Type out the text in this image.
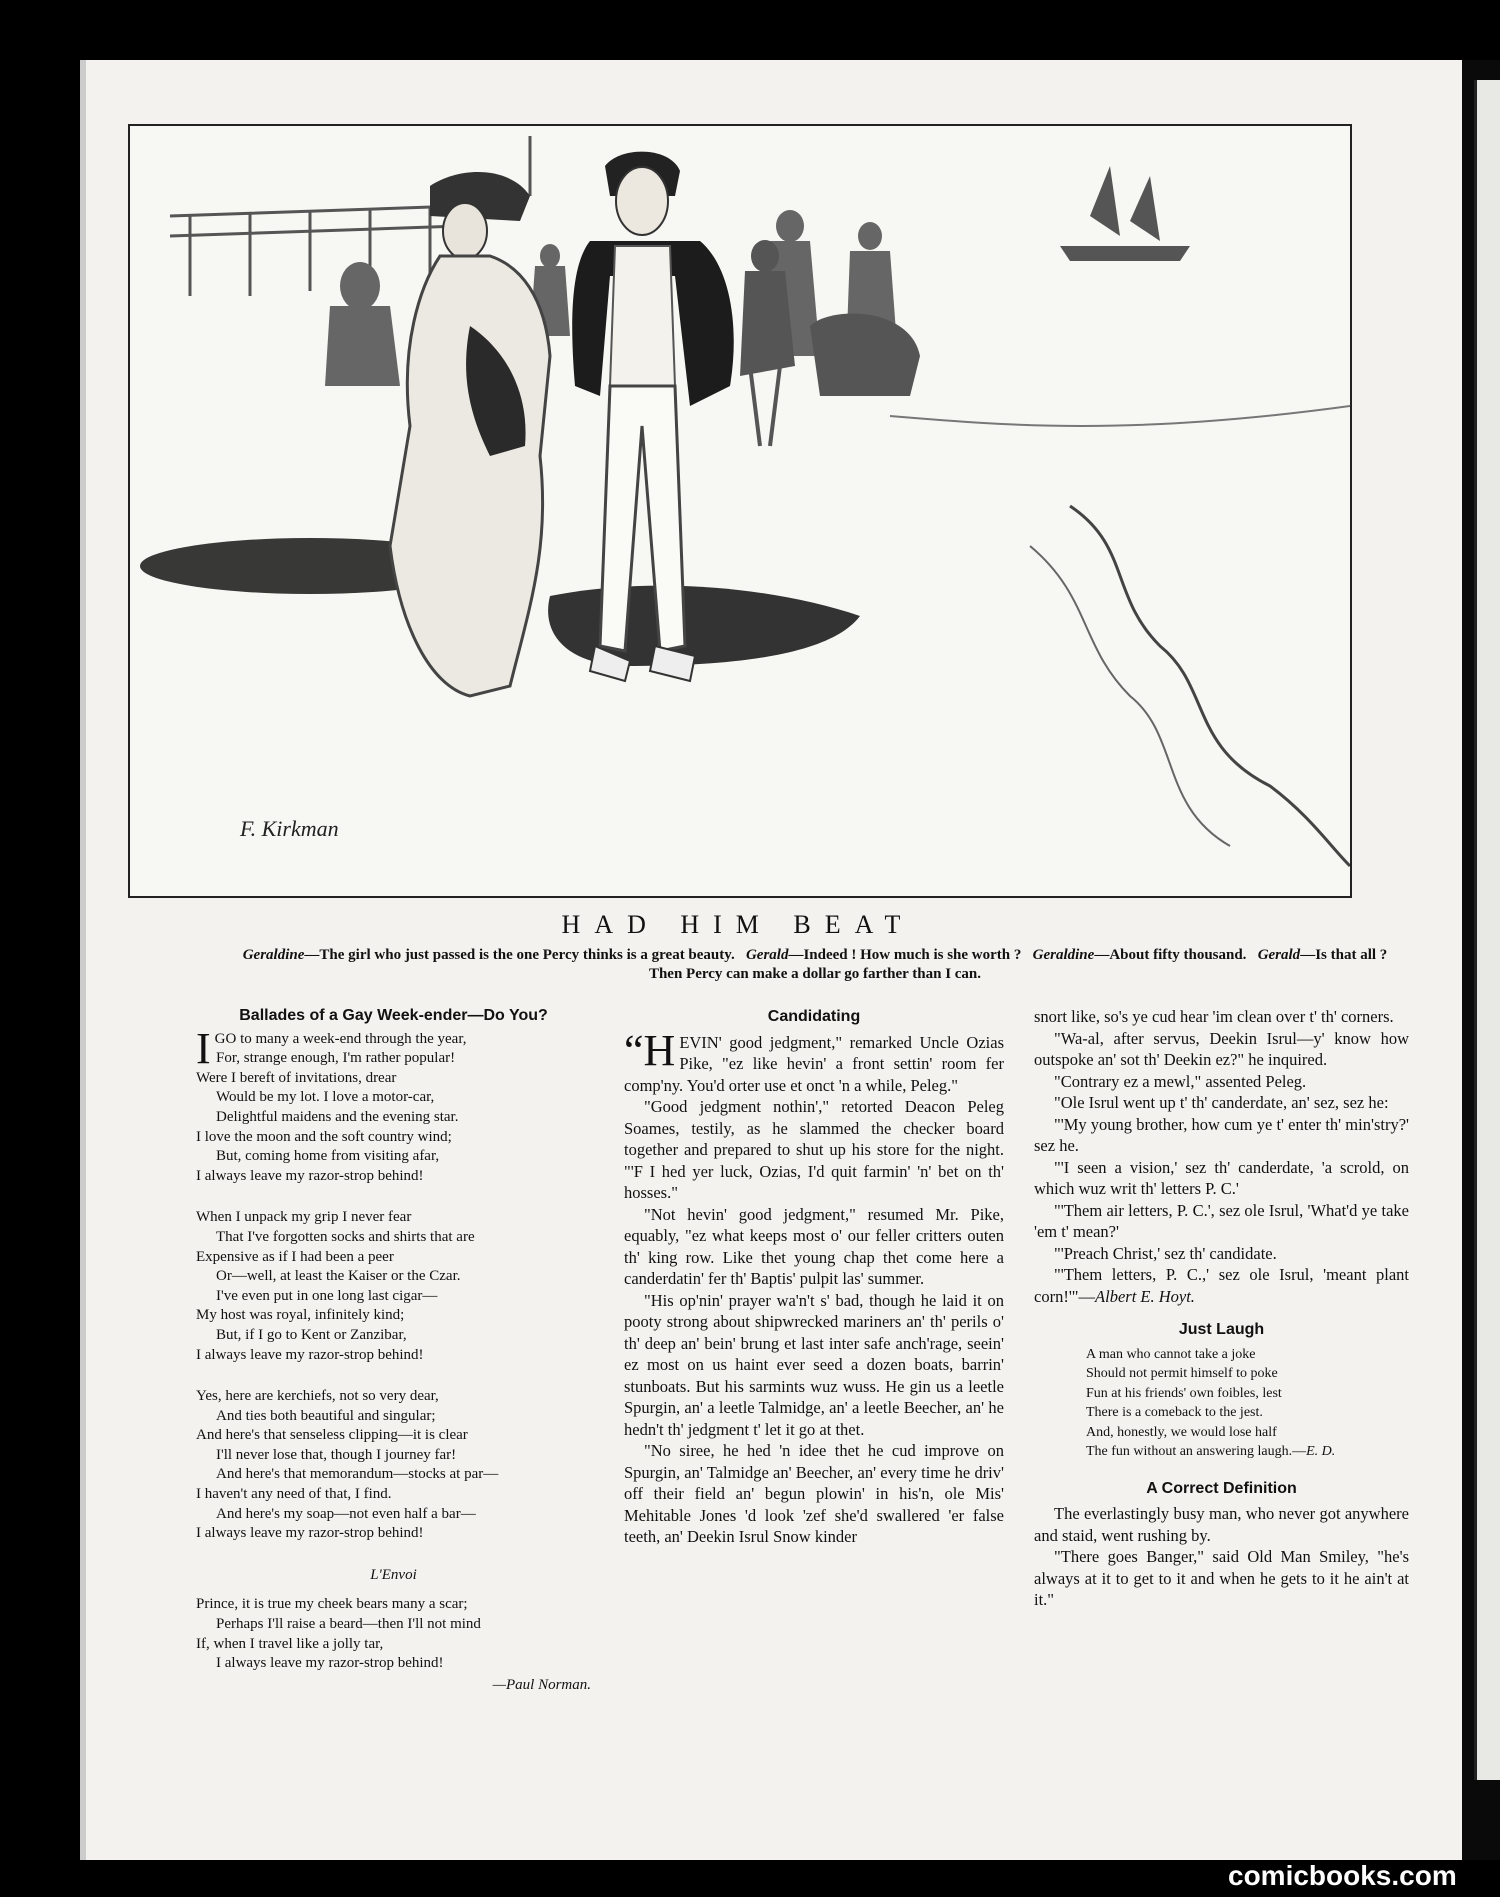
F. Kirkman
HAD HIM BEAT
Geraldine—The girl who just passed is the one Percy thinks is a great beauty. Gerald—Indeed ! How much is she worth ? Geraldine—About fifty thousand. Gerald—Is that all ? Then Percy can make a dollar go farther than I can.
Ballades of a Gay Week-ender—Do You?
I GO to many a week-end through the year,
For, strange enough, I'm rather popular!
Were I bereft of invitations, drear
Would be my lot. I love a motor-car,
Delightful maidens and the evening star.
I love the moon and the soft country wind;
But, coming home from visiting afar,
I always leave my razor-strop behind!
When I unpack my grip I never fear
That I've forgotten socks and shirts that are
Expensive as if I had been a peer
Or—well, at least the Kaiser or the Czar.
I've even put in one long last cigar—
My host was royal, infinitely kind;
But, if I go to Kent or Zanzibar,
I always leave my razor-strop behind!
Yes, here are kerchiefs, not so very dear,
And ties both beautiful and singular;
And here's that senseless clipping—it is clear
I'll never lose that, though I journey far!
And here's that memorandum—stocks at par—
I haven't any need of that, I find.
And here's my soap—not even half a bar—
I always leave my razor-strop behind!
L'Envoi
Prince, it is true my cheek bears many a scar;
Perhaps I'll raise a beard—then I'll not mind
If, when I travel like a jolly tar,
I always leave my razor-strop behind!
—Paul Norman.
Candidating

“HEVIN' good jedgment," remarked Uncle Ozias Pike, "ez like hevin' a front settin' room fer comp'ny. You'd orter use et onct 'n a while, Peleg."

"Good jedgment nothin'," retorted Deacon Peleg Soames, testily, as he slammed the checker board together and prepared to shut up his store for the night. "'F I hed yer luck, Ozias, I'd quit farmin' 'n' bet on th' hosses."

"Not hevin' good jedgment," resumed Mr. Pike, equably, "ez what keeps most o' our feller critters outen th' king row. Like thet young chap thet come here a canderdatin' fer th' Baptis' pulpit las' summer.

"His op'nin' prayer wa'n't s' bad, though he laid it on pooty strong about shipwrecked mariners an' th' perils o' th' deep an' bein' brung et last inter safe anch'rage, seein' ez most on us haint ever seed a dozen boats, barrin' stunboats. But his sarmints wuz wuss. He gin us a leetle Spurgin, an' a leetle Talmidge, an' a leetle Beecher, an' he hedn't th' jedgment t' let it go at thet.

"No siree, he hed 'n idee thet he cud improve on Spurgin, an' Talmidge an' Beecher, an' every time he driv' off their field an' begun plowin' in his'n, ole Mis' Mehitable Jones 'd look 'zef she'd swallered 'er false teeth, an' Deekin Isrul Snow kinder

snort like, so's ye cud hear 'im clean over t' th' corners.

"Wa-al, after servus, Deekin Isrul—y' know how outspoke an' sot th' Deekin ez?" he inquired.

"Contrary ez a mewl," assented Peleg.

"Ole Isrul went up t' th' canderdate, an' sez, sez he:

"'My young brother, how cum ye t' enter th' min'stry?' sez he.

"'I seen a vision,' sez th' canderdate, 'a scrold, on which wuz writ th' letters P. C.'

"'Them air letters, P. C.', sez ole Isrul, 'What'd ye take 'em t' mean?'

"'Preach Christ,' sez th' candidate.

"'Them letters, P. C.,' sez ole Isrul, 'meant plant corn!'"—Albert E. Hoyt.

Just Laugh
A man who cannot take a joke
Should not permit himself to poke
Fun at his friends' own foibles, lest
There is a comeback to the jest.
And, honestly, we would lose half
The fun without an answering laugh.—E. D.
A Correct Definition

The everlastingly busy man, who never got anywhere and staid, went rushing by.

"There goes Banger," said Old Man Smiley, "he's always at it to get to it and when he gets to it he ain't at it."

comicbooks.com
